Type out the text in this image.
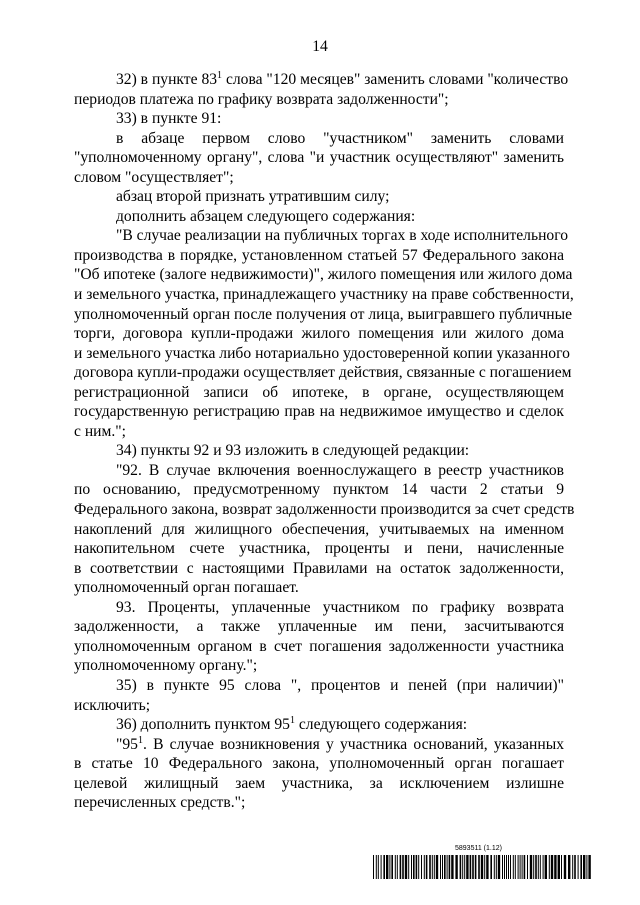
14
32) в пункте $83^1$ слова "120 месяцев" заменить словами "количество
периодов платежа по графику возврата задолженности";
33) в пункте 91:
в абзаце первом слово "участником" заменить словами
"уполномоченному органу", слова "и участник осуществляют" заменить
словом "осуществляет";
абзац второй признать утратившим силу;
дополнить абзацем следующего содержания:
"В случае реализации на публичных торгах в ходе исполнительного
производства в порядке, установленном статьей 57 Федерального закона
"Об ипотеке (залоге недвижимости)", жилого помещения или жилого дома
и земельного участка, принадлежащего участнику на праве собственности,
уполномоченный орган после получения от лица, выигравшего публичные
торги, договора купли-продажи жилого помещения или жилого дома
и земельного участка либо нотариально удостоверенной копии указанного
договора купли-продажи осуществляет действия, связанные с погашением
регистрационной записи об ипотеке, в органе, осуществляющем
государственную регистрацию прав на недвижимое имущество и сделок
с ним.";
34) пункты 92 и 93 изложить в следующей редакции:
"92. В случае включения военнослужащего в реестр участников
по основанию, предусмотренному пунктом 14 части 2 статьи 9
Федерального закона, возврат задолженности производится за счет средств
накоплений для жилищного обеспечения, учитываемых на именном
накопительном счете участника, проценты и пени, начисленные
в соответствии с настоящими Правилами на остаток задолженности,
уполномоченный орган погашает.
93. Проценты, уплаченные участником по графику возврата
задолженности, а также уплаченные им пени, засчитываются
уполномоченным органом в счет погашения задолженности участника
уполномоченному органу.";
35) в пункте 95 слова ", процентов и пеней (при наличии)"
исключить;
36) дополнить пунктом $95^1$ следующего содержания:
"$95^1$. В случае возникновения у участника оснований, указанных
в статье 10 Федерального закона, уполномоченный орган погашает
целевой жилищный заем участника, за исключением излишне
перечисленных средств.";
5893511 (1.12)
